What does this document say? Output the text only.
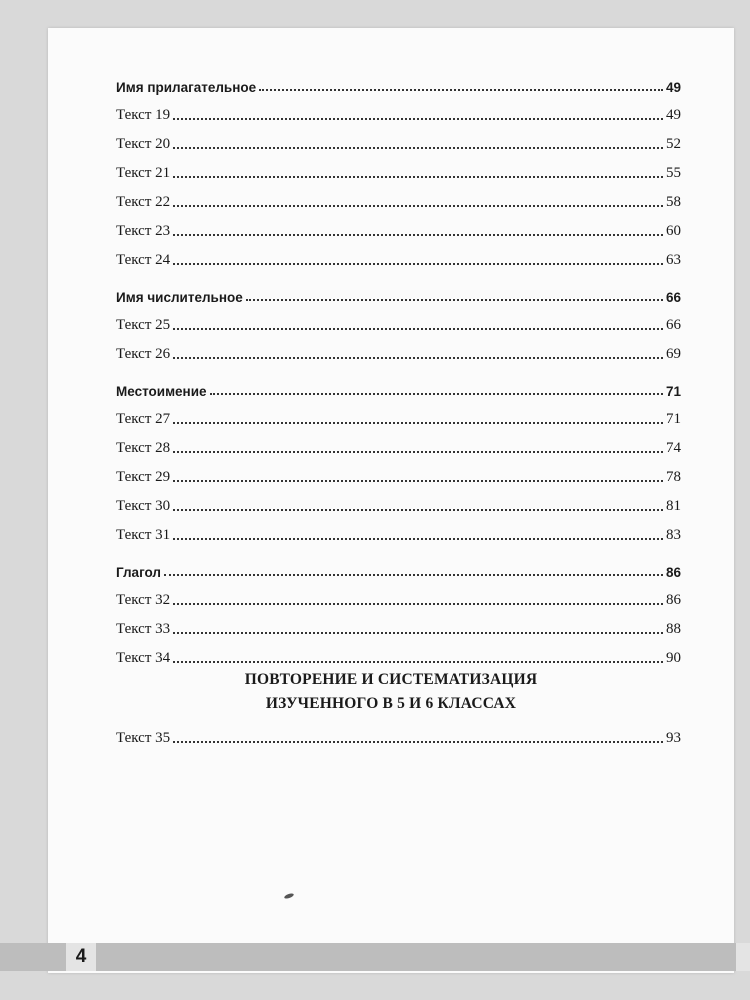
Имя прилагательное	49
Текст 19	49
Текст 20	52
Текст 21	55
Текст 22	58
Текст 23	60
Текст 24	63
Имя числительное	66
Текст 25	66
Текст 26	69
Местоимение	71
Текст 27	71
Текст 28	74
Текст 29	78
Текст 30	81
Текст 31	83
Глагол	86
Текст 32	86
Текст 33	88
Текст 34	90
ПОВТОРЕНИЕ И СИСТЕМАТИЗАЦИЯ
ИЗУЧЕННОГО В 5 И 6 КЛАССАХ
Текст 35	93
4
